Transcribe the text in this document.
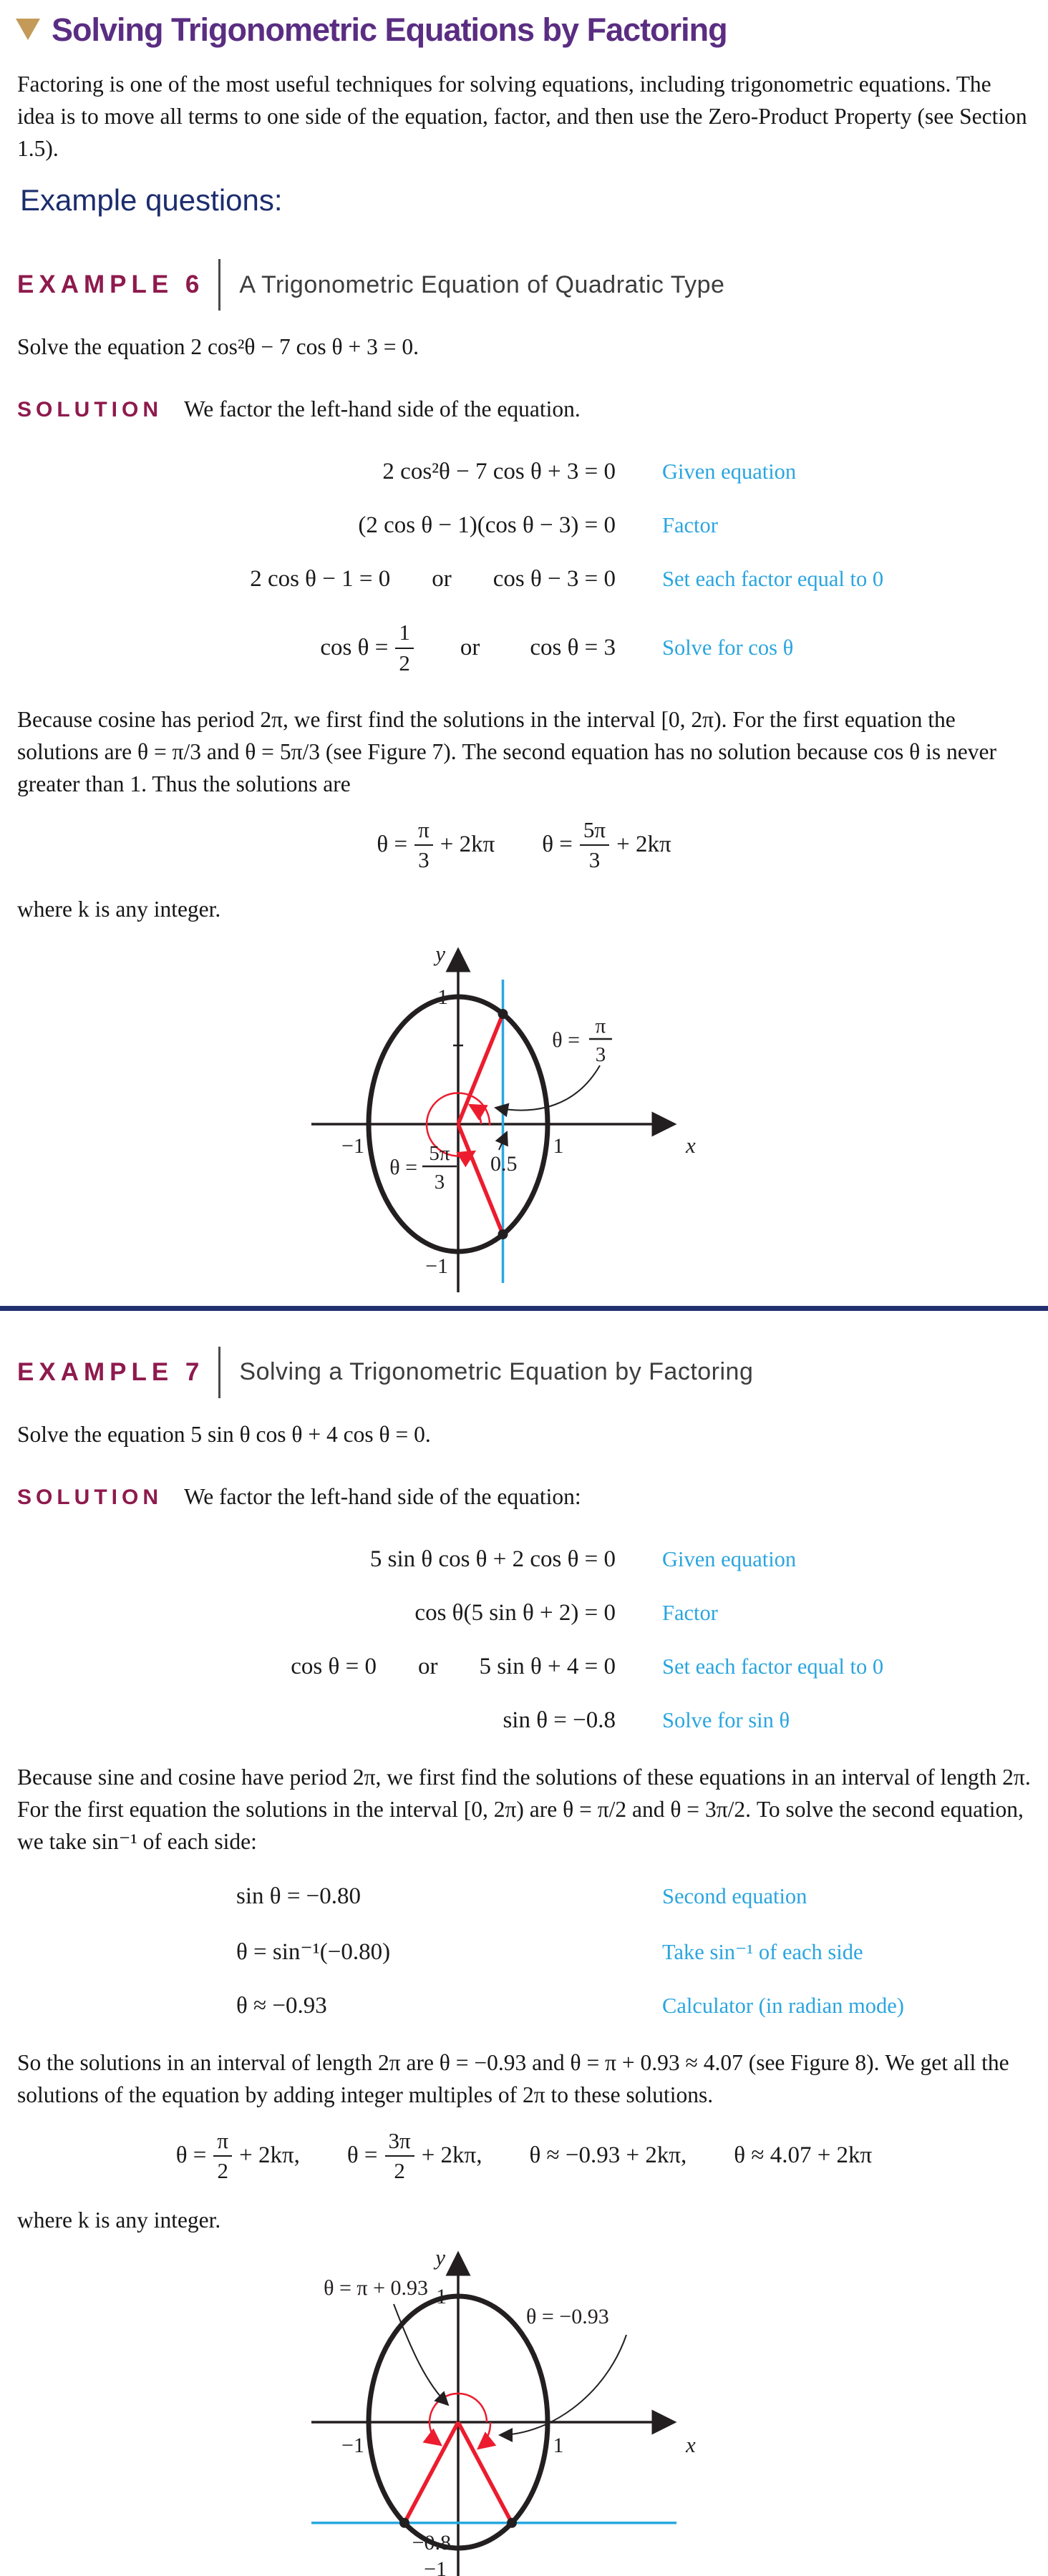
Solving Trigonometric Equations by Factoring

Factoring is one of the most useful techniques for solving equations, including trigonometric equations. The idea is to move all terms to one side of the equation, factor, and then use the Zero-Product Property (see Section 1.5).

Example questions:
EXAMPLE 6 A Trigonometric Equation of Quadratic Type

Solve the equation 2 cos²θ − 7 cos θ + 3 = 0.

SOLUTION We factor the left-hand side of the equation.

2 cos²θ − 7 cos θ + 3 = 0	Given equation
(2 cos θ − 1)(cos θ − 3) = 0	Factor
2 cos θ − 1 = 0 or cos θ − 3 = 0	Set each factor equal to 0
$\cos \theta = \frac{1}{2}$ or cos θ = 3	Solve for cos θ

Because cosine has period 2π, we first find the solutions in the interval [0, 2π). For the first equation the solutions are θ = π/3 and θ = 5π/3 (see Figure 7). The second equation has no solution because cos θ is never greater than 1. Thus the solutions are

$\theta = \frac{\pi}{3} + 2k\pi$ $\theta = \frac{5\pi}{3} + 2k\pi$

where k is any integer.

y
1
−1	1	x
−1
0.5
θ =
π
3
θ =
5π
3
EXAMPLE 7 Solving a Trigonometric Equation by Factoring

Solve the equation 5 sin θ cos θ + 4 cos θ = 0.

SOLUTION We factor the left-hand side of the equation:

5 sin θ cos θ + 2 cos θ = 0	Given equation
cos θ(5 sin θ + 2) = 0	Factor
cos θ = 0 or 5 sin θ + 4 = 0	Set each factor equal to 0
sin θ = −0.8	Solve for sin θ

Because sine and cosine have period 2π, we first find the solutions of these equations in an interval of length 2π. For the first equation the solutions in the interval [0, 2π) are θ = π/2 and θ = 3π/2. To solve the second equation, we take sin⁻¹ of each side:

sin θ = −0.80	Second equation
θ = sin⁻¹(−0.80)	Take sin⁻¹ of each side
θ ≈ −0.93	Calculator (in radian mode)

So the solutions in an interval of length 2π are θ = −0.93 and θ = π + 0.93 ≈ 4.07 (see Figure 8). We get all the solutions of the equation by adding integer multiples of 2π to these solutions.

$\theta = \frac{\pi}{2} + 2k\pi$, $\theta = \frac{3\pi}{2} + 2k\pi$, θ ≈ −0.93 + 2kπ, θ ≈ 4.07 + 2kπ

where k is any integer.

y
1
θ = π + 0.93
θ = −0.93
−1	1	x
−0.8
−1
